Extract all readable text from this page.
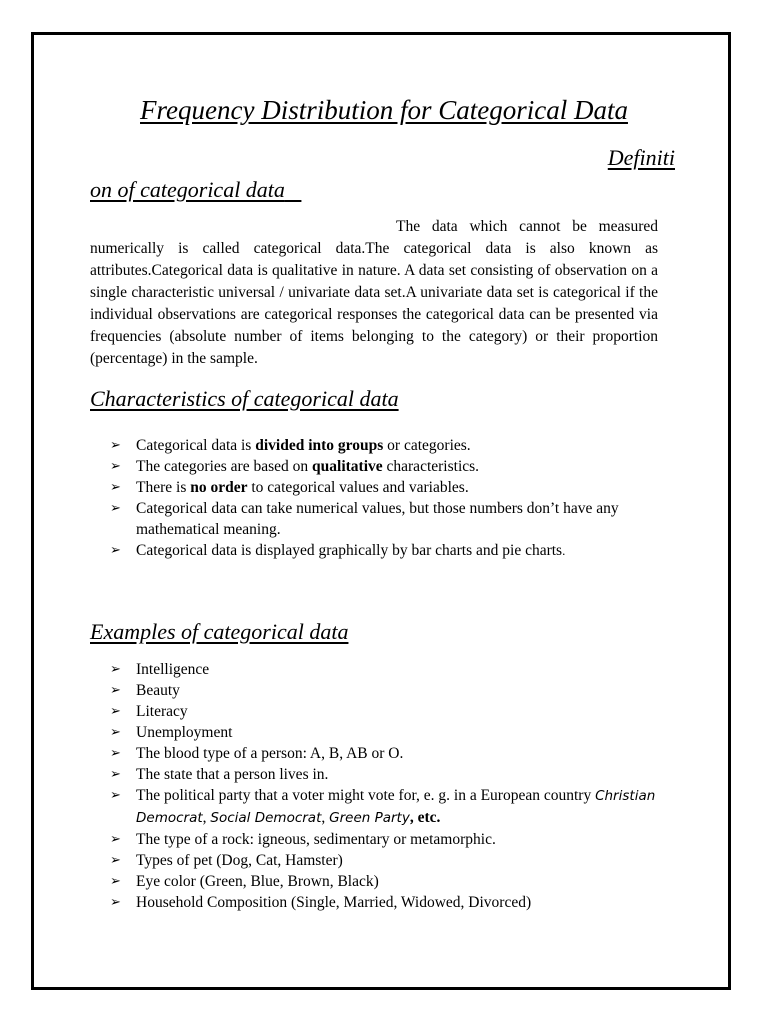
Frequency Distribution for Categorical Data
Definiti
on of categorical data
The data which cannot be measured numerically is called categorical data.The categorical data is also known as attributes.Categorical data is qualitative in nature. A data set consisting of observation on a single characteristic universal / univariate data set.A univariate data set is categorical if the individual observations are categorical responses the categorical data can be presented via frequencies (absolute number of items belonging to the category) or their proportion (percentage) in the sample.
Characteristics of categorical data
➢ Categorical data is divided into groups or categories.
➢ The categories are based on qualitative characteristics.
➢ There is no order to categorical values and variables.
➢ Categorical data can take numerical values, but those numbers don’t have any mathematical meaning.
➢ Categorical data is displayed graphically by bar charts and pie charts.
Examples of categorical data
➢ Intelligence
➢ Beauty
➢ Literacy
➢ Unemployment
➢ The blood type of a person: A, B, AB or O.
➢ The state that a person lives in.
➢ The political party that a voter might vote for, e. g. in a European country Christian Democrat, Social Democrat, Green Party, etc.
➢ The type of a rock: igneous, sedimentary or metamorphic.
➢ Types of pet (Dog, Cat, Hamster)
➢ Eye color (Green, Blue, Brown, Black)
➢ Household Composition (Single, Married, Widowed, Divorced)
